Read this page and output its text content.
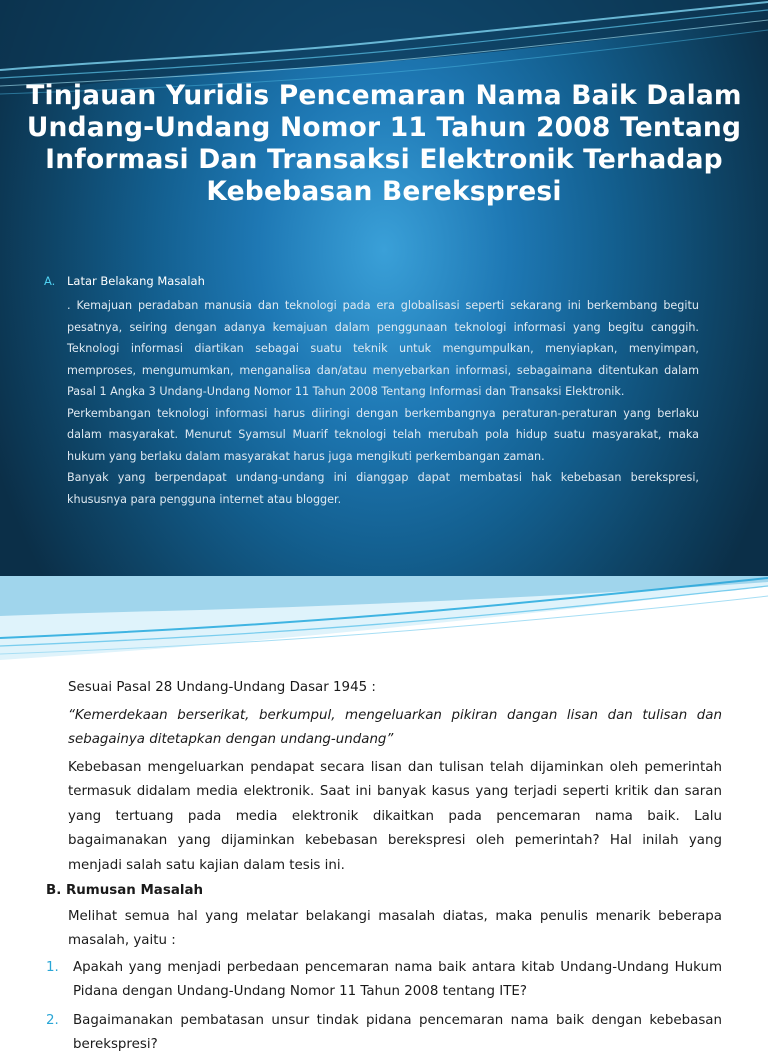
Tinjauan Yuridis Pencemaran Nama Baik Dalam Undang-Undang Nomor 11 Tahun 2008 Tentang Informasi Dan Transaksi Elektronik Terhadap Kebebasan Berekspresi
A. Latar Belakang Masalah

. Kemajuan peradaban manusia dan teknologi pada era globalisasi seperti sekarang ini berkembang begitu pesatnya, seiring dengan adanya kemajuan dalam penggunaan teknologi informasi yang begitu canggih. Teknologi informasi diartikan sebagai suatu teknik untuk mengumpulkan, menyiapkan, menyimpan, memproses, mengumumkan, menganalisa dan/atau menyebarkan informasi, sebagaimana ditentukan dalam Pasal 1 Angka 3 Undang-Undang Nomor 11 Tahun 2008 Tentang Informasi dan Transaksi Elektronik.

Perkembangan teknologi informasi harus diiringi dengan berkembangnya peraturan-peraturan yang berlaku dalam masyarakat. Menurut Syamsul Muarif teknologi telah merubah pola hidup suatu masyarakat, maka hukum yang berlaku dalam masyarakat harus juga mengikuti perkembangan zaman.

Banyak yang berpendapat undang-undang ini dianggap dapat membatasi hak kebebasan berekspresi, khususnya para pengguna internet atau blogger.

Sesuai Pasal 28 Undang-Undang Dasar 1945 :

“Kemerdekaan berserikat, berkumpul, mengeluarkan pikiran dangan lisan dan tulisan dan sebagainya ditetapkan dengan undang-undang”

Kebebasan mengeluarkan pendapat secara lisan dan tulisan telah dijaminkan oleh pemerintah termasuk didalam media elektronik. Saat ini banyak kasus yang terjadi seperti kritik dan saran yang tertuang pada media elektronik dikaitkan pada pencemaran nama baik. Lalu bagaimanakan yang dijaminkan kebebasan berekspresi oleh pemerintah? Hal inilah yang menjadi salah satu kajian dalam tesis ini.

B. Rumusan Masalah

Melihat semua hal yang melatar belakangi masalah diatas, maka penulis menarik beberapa masalah, yaitu :

1. Apakah yang menjadi perbedaan pencemaran nama baik antara kitab Undang-Undang Hukum Pidana dengan Undang-Undang Nomor 11 Tahun 2008 tentang ITE?
2. Bagaimanakan pembatasan unsur tindak pidana pencemaran nama baik dengan kebebasan berekspresi?
